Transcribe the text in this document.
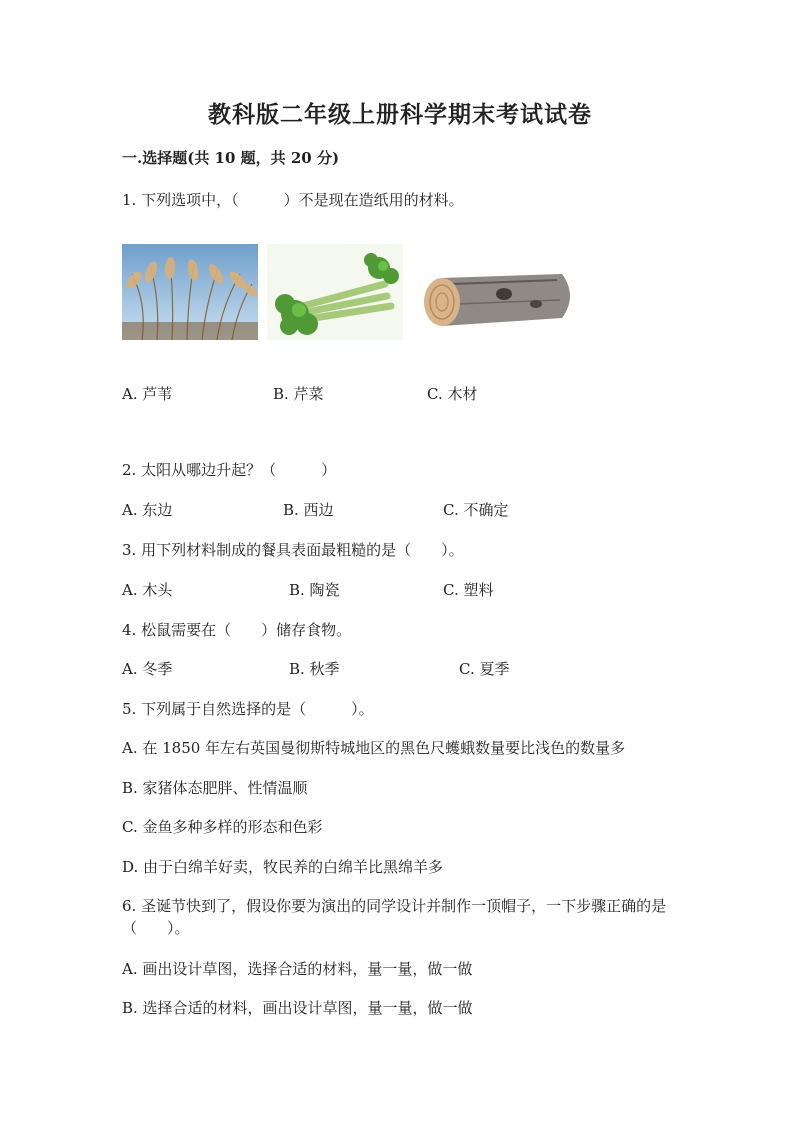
教科版二年级上册科学期末考试试卷
一.选择题(共 10 题，共 20 分)
1. 下列选项中，（　　　）不是现在造纸用的材料。
A. 芦苇	B. 芹菜	C. 木材
2. 太阳从哪边升起？（　　　）
A. 东边	B. 西边	C. 不确定
3. 用下列材料制成的餐具表面最粗糙的是（　　）。
A. 木头	B. 陶瓷	C. 塑料
4. 松鼠需要在（　　）储存食物。
A. 冬季	B. 秋季	C. 夏季
5. 下列属于自然选择的是（　　　）。
A. 在 1850 年左右英国曼彻斯特城地区的黑色尺蠖蛾数量要比浅色的数量多
B. 家猪体态肥胖、性情温顺
C. 金鱼多种多样的形态和色彩
D. 由于白绵羊好卖，牧民养的白绵羊比黑绵羊多
6. 圣诞节快到了，假设你要为演出的同学设计并制作一顶帽子，一下步骤正确的是（　　）。
A. 画出设计草图，选择合适的材料，量一量，做一做
B. 选择合适的材料，画出设计草图，量一量，做一做
